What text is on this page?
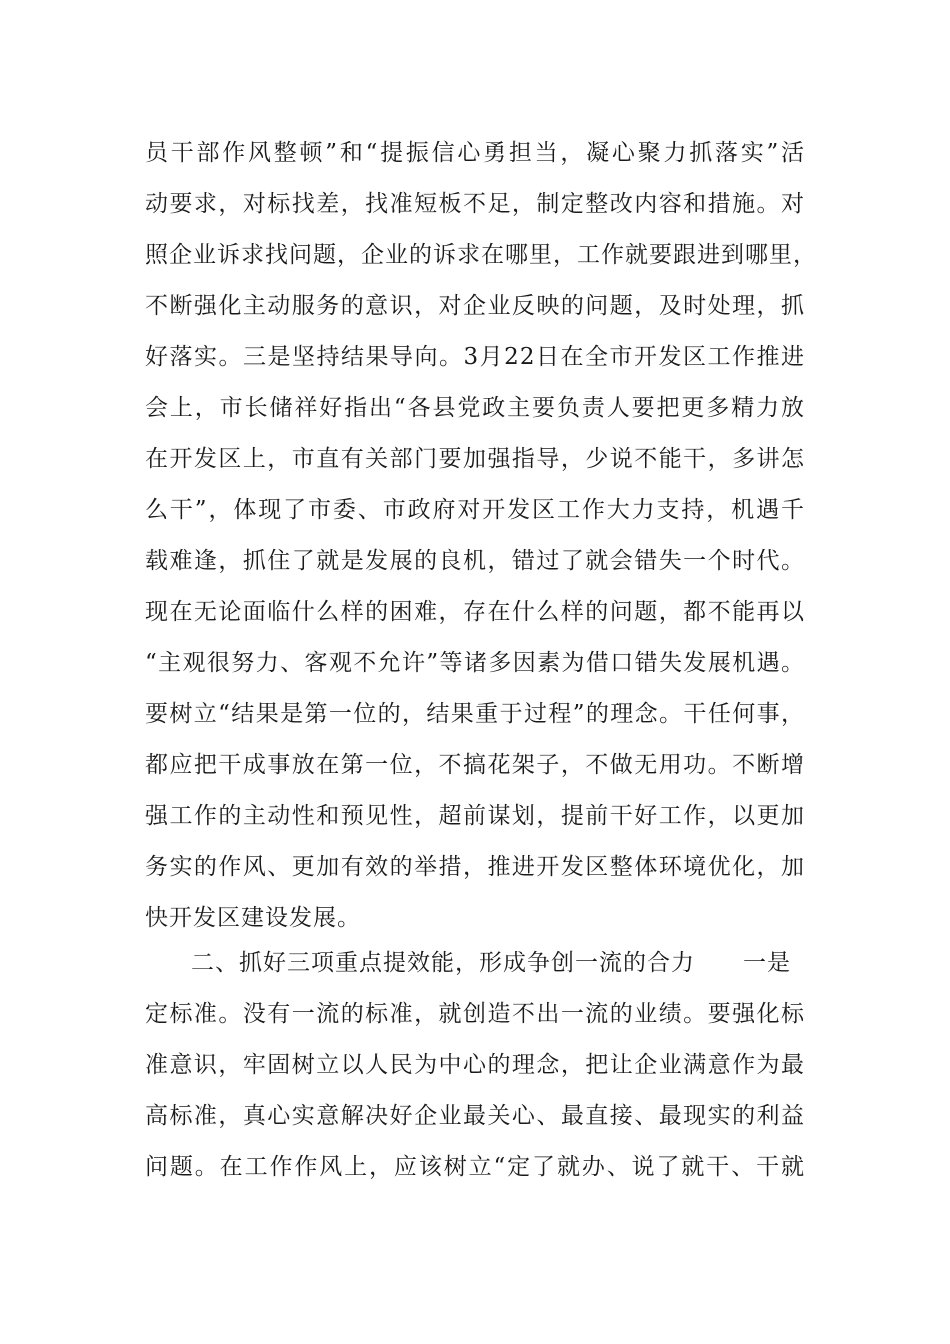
员干部作风整顿”和“提振信心勇担当，凝心聚力抓落实”活
动要求，对标找差，找准短板不足，制定整改内容和措施。对
照企业诉求找问题，企业的诉求在哪里，工作就要跟进到哪里，
不断强化主动服务的意识，对企业反映的问题，及时处理，抓
好落实。三是坚持结果导向。3月22日在全市开发区工作推进
会上，市长储祥好指出“各县党政主要负责人要把更多精力放
在开发区上，市直有关部门要加强指导，少说不能干，多讲怎
么干”，体现了市委、市政府对开发区工作大力支持，机遇千
载难逢，抓住了就是发展的良机，错过了就会错失一个时代。
现在无论面临什么样的困难，存在什么样的问题，都不能再以
“主观很努力、客观不允许”等诸多因素为借口错失发展机遇。
要树立“结果是第一位的，结果重于过程”的理念。干任何事，
都应把干成事放在第一位，不搞花架子，不做无用功。不断增
强工作的主动性和预见性，超前谋划，提前干好工作，以更加
务实的作风、更加有效的举措，推进开发区整体环境优化，加
快开发区建设发展。
二、抓好三项重点提效能，形成争创一流的合力　　一是
定标准。没有一流的标准，就创造不出一流的业绩。要强化标
准意识，牢固树立以人民为中心的理念，把让企业满意作为最
高标准，真心实意解决好企业最关心、最直接、最现实的利益
问题。在工作作风上，应该树立“定了就办、说了就干、干就
